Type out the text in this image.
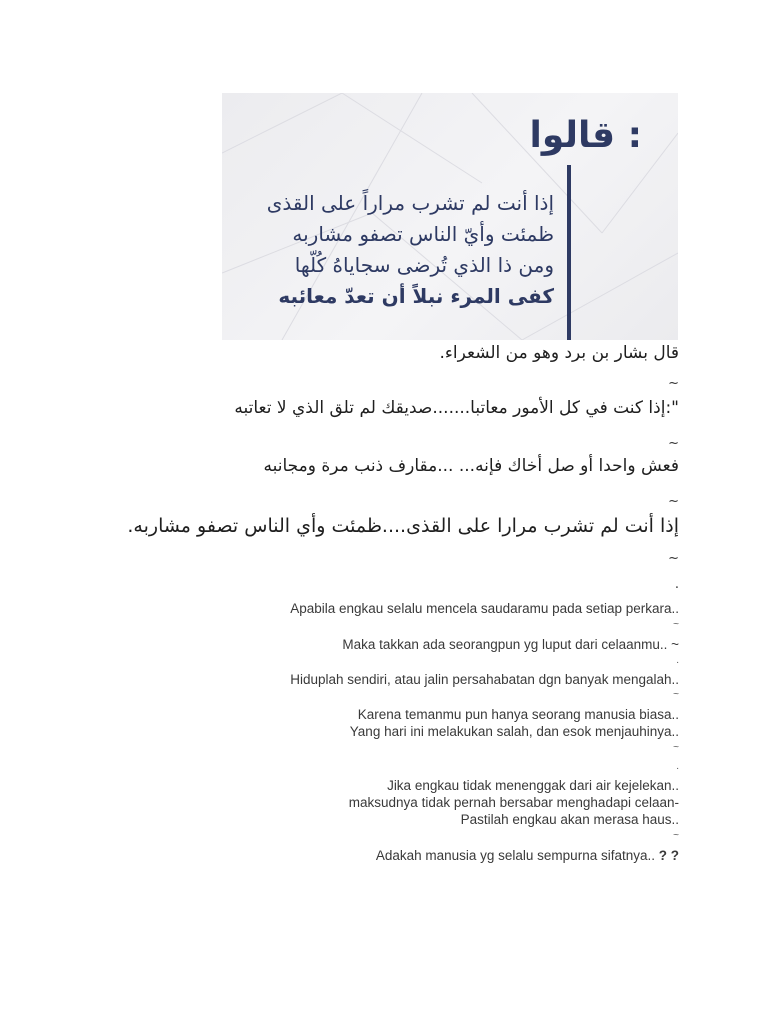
: قالوا
إذا أنت لم تشرب مراراً على القذى
ظمئت وأيّ الناس تصفو مشاربه
ومن ذا الذي تُرضى سجاياهُ كُلّها
كفى المرء نبلاً أن تعدّ معائبه
قال بشار بن برد وهو من الشعراء.
~
":إذا كنت في كل الأمور معاتبا.......صديقك لم تلق الذي لا تعاتبه
~
فعش واحدا أو صل أخاك فإنه... ...مقارف ذنب مرة ومجانبه
~
إذا أنت لم تشرب مرارا على القذى....ظمئت وأي الناس تصفو مشاربه.
~
.
Apabila engkau selalu mencela saudaramu pada setiap perkara..
~
Maka takkan ada seorangpun yg luput dari celaanmu.. ~
.
Hiduplah sendiri, atau jalin persahabatan dgn banyak mengalah..
~
Karena temanmu pun hanya seorang manusia biasa..
Yang hari ini melakukan salah, dan esok menjauhinya..
~
.
Jika engkau tidak menenggak dari air kejelekan..
maksudnya tidak pernah bersabar menghadapi celaan-
Pastilah engkau akan merasa haus..
~
Adakah manusia yg selalu sempurna sifatnya.. ? ?
